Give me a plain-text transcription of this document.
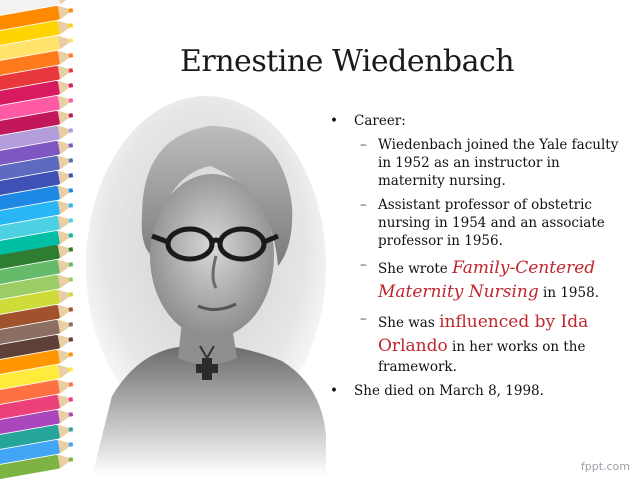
Ernestine Wiedenbach
• Career:
– Wiedenbach joined the Yale faculty in 1952 as an instructor in maternity nursing.
– Assistant professor of obstetric nursing in 1954 and an associate professor in 1956.
– She wrote Family-Centered Maternity Nursing in 1958.
– She was influenced by Ida Orlando in her works on the framework.
• She died on March 8, 1998.
fppt.com
